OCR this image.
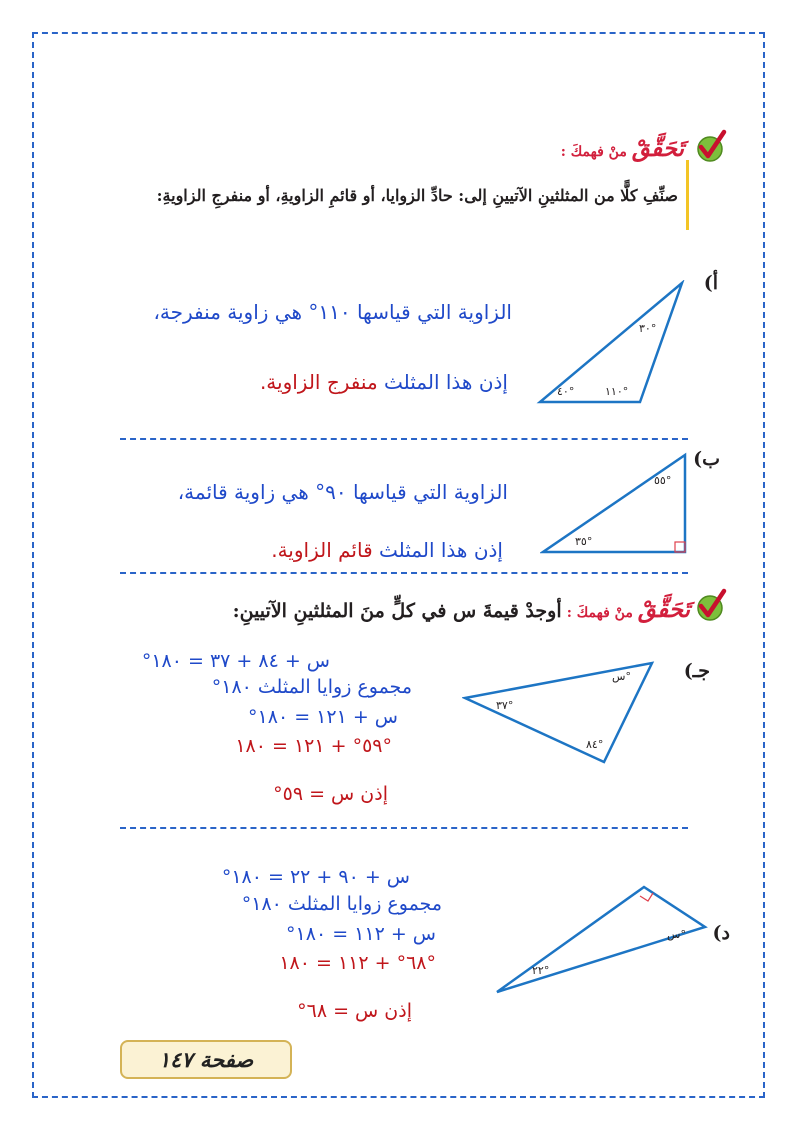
تَحَقَّقْ منْ فهمكَ :
صنِّفِ كلًّا من المثلثينِ الآتيينِ إلى: حادِّ الزوايا، أو قائمِ الزاويةِ، أو منفرجِ الزاويةِ:
أ)
٣٠°
٤٠°	١١٠°
الزاوية التي قياسها ١١٠° هي زاوية منفرجة،
إذن هذا المثلث منفرج الزاوية.
ب)
٥٥°
٣٥°
الزاوية التي قياسها ٩٠° هي زاوية قائمة،
إذن هذا المثلث قائم الزاوية.
تَحَقَّقْ منْ فهمكَ : أوجدْ قيمةَ س في كلٍّ منَ المثلثينِ الآتيينِ:
جـ)
س°
٣٧°
٨٤°
س + ٨٤ + ٣٧ = ١٨٠°
مجموع زوايا المثلث ١٨٠°
س + ١٢١ = ١٨٠°
٥٩° + ١٢١ = ١٨٠°
إذن س = ٥٩°
د)
س°
٢٢°
س + ٩٠ + ٢٢ = ١٨٠°
مجموع زوايا المثلث ١٨٠°
س + ١١٢ = ١٨٠°
٦٨° + ١١٢ = ١٨٠°
إذن س = ٦٨°
صفحة ١٤٧
